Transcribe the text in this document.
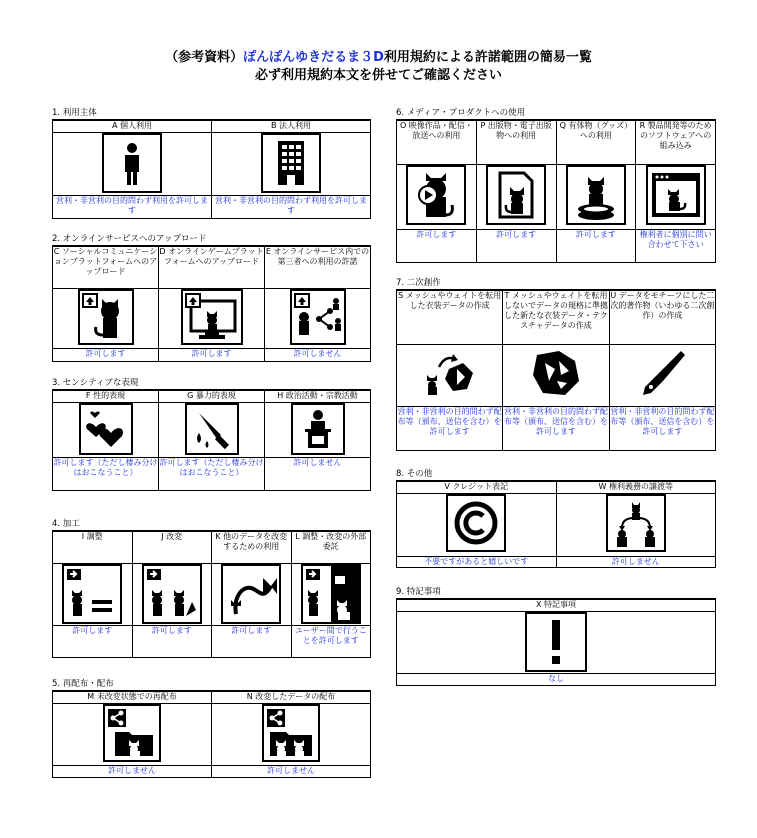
（参考資料）ぽんぽんゆきだるま３D利用規約による許諾範囲の簡易一覧
必ず利用規約本文を併せてご確認ください
1. 利用主体
A 個人利用	B 法人利用

営利・非営利の目的問わず利用を許可します	営利・非営利の目的問わず利用を許可します
2. オンラインサービスへのアップロード
C ソーシャルコミュニケーションプラットフォームへのアップロード	D オンラインゲームプラットフォームへのアップロード	E オンラインサービス内での第三者への利用の許諾

許可します	許可します	許可しません
3. センシティブな表現
F 性的表現	G 暴力的表現	H 政治活動・宗教活動

許可します（ただし棲み分けはおこなうこと）	許可します（ただし棲み分けはおこなうこと）	許可しません
4. 加工
I 調整	J 改変	K 他のデータを改変するための利用	L 調整・改変の外部委託

許可します	許可します	許可します	ユーザー間で行うことを許可します
5. 再配布・配布
M 未改変状態での再配布	N 改変したデータの配布

許可しません	許可しません
6. メディア・プロダクトへの使用
O 映像作品・配信・放送への利用	P 出版物・電子出版物への利用	Q 有体物（グッズ）への利用	R 製品開発等のためのソフトウェアへの組み込み

許可します	許可します	許可します	権利者に個別に問い合わせて下さい
7. 二次創作
S メッシュやウェイトを転用した衣装データの作成	T メッシュやウェイトを転用しないでデータの規格に準拠した新たな衣装データ・テクスチャデータの作成	U データをモチーフにした二次的著作物（いわゆる二次創作）の作成

営利・非営利の目的問わず配布等（頒布、送信を含む）を許可します	営利・非営利の目的問わず配布等（頒布、送信を含む）を許可します	営利・非営利の目的問わず配布等（頒布、送信を含む）を許可します
8. その他
V クレジット表記	W 権利義務の譲渡等

不要ですがあると嬉しいです	許可しません
9. 特記事項
X 特記事項

なし
